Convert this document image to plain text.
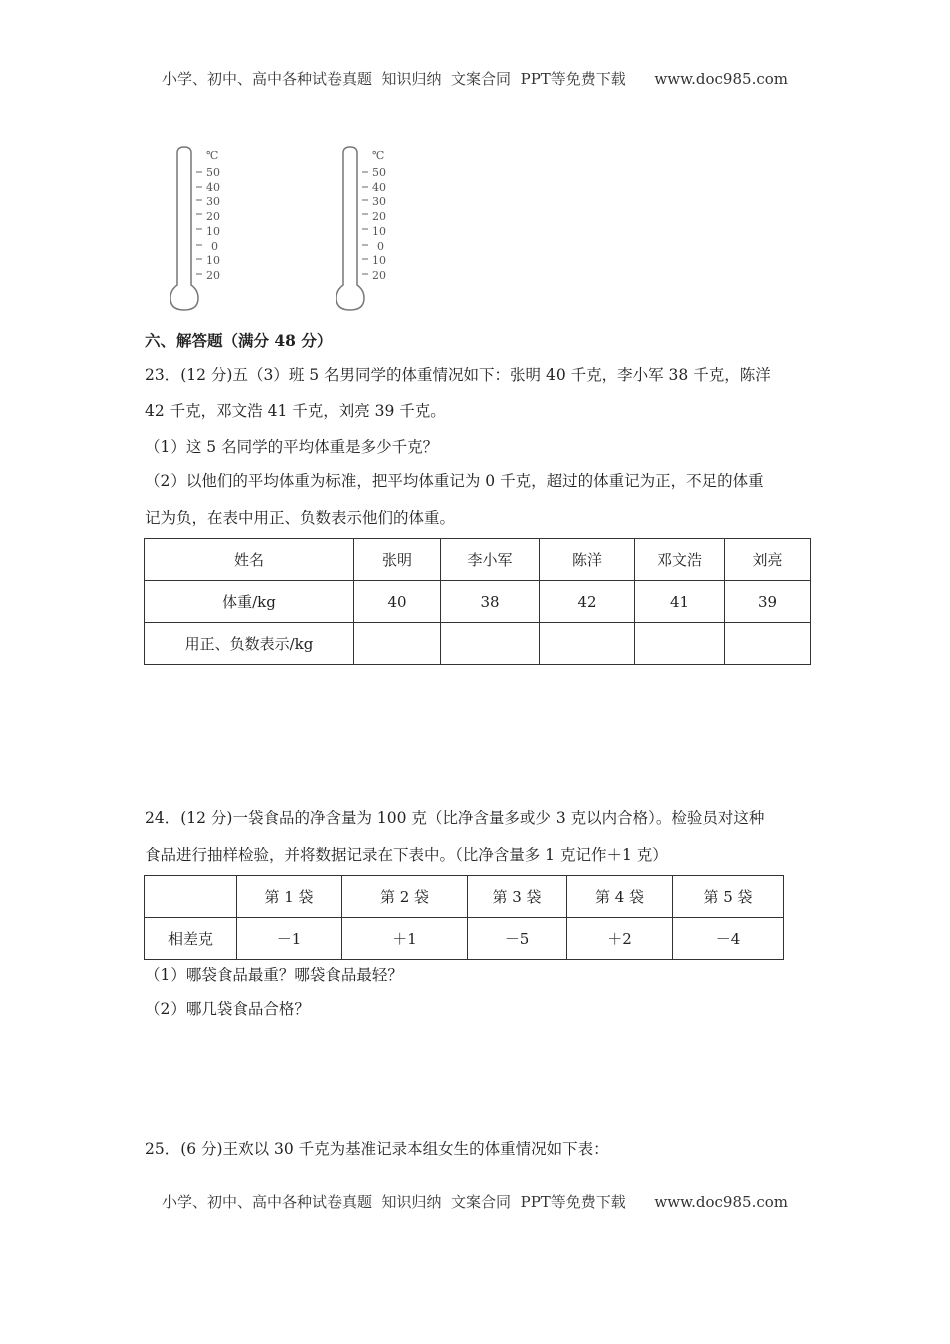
小学、初中、高中各种试卷真题  知识归纳  文案合同  PPT等免费下载      www.doc985.com
℃
50
40
30
20
10
0
10
20
℃
50
40
30
20
10
0
10
20
六、解答题（满分 48 分）
23．(12 分)五（3）班 5 名男同学的体重情况如下：张明 40 千克，李小军 38 千克，陈洋
42 千克，邓文浩 41 千克，刘亮 39 千克。
（1）这 5 名同学的平均体重是多少千克？
（2）以他们的平均体重为标准，把平均体重记为 0 千克，超过的体重记为正，不足的体重
记为负，在表中用正、负数表示他们的体重。
姓名	张明	李小军	陈洋	邓文浩	刘亮
体重/kg	40	38	42	41	39
用正、负数表示/kg					
24．(12 分)一袋食品的净含量为 100 克（比净含量多或少 3 克以内合格）。检验员对这种
食品进行抽样检验，并将数据记录在下表中。（比净含量多 1 克记作＋1 克）
	第 1 袋	第 2 袋	第 3 袋	第 4 袋	第 5 袋
相差克	－1	＋1	－5	＋2	－4
（1）哪袋食品最重？哪袋食品最轻？
（2）哪几袋食品合格？
25．(6 分)王欢以 30 千克为基准记录本组女生的体重情况如下表：
小学、初中、高中各种试卷真题  知识归纳  文案合同  PPT等免费下载      www.doc985.com
